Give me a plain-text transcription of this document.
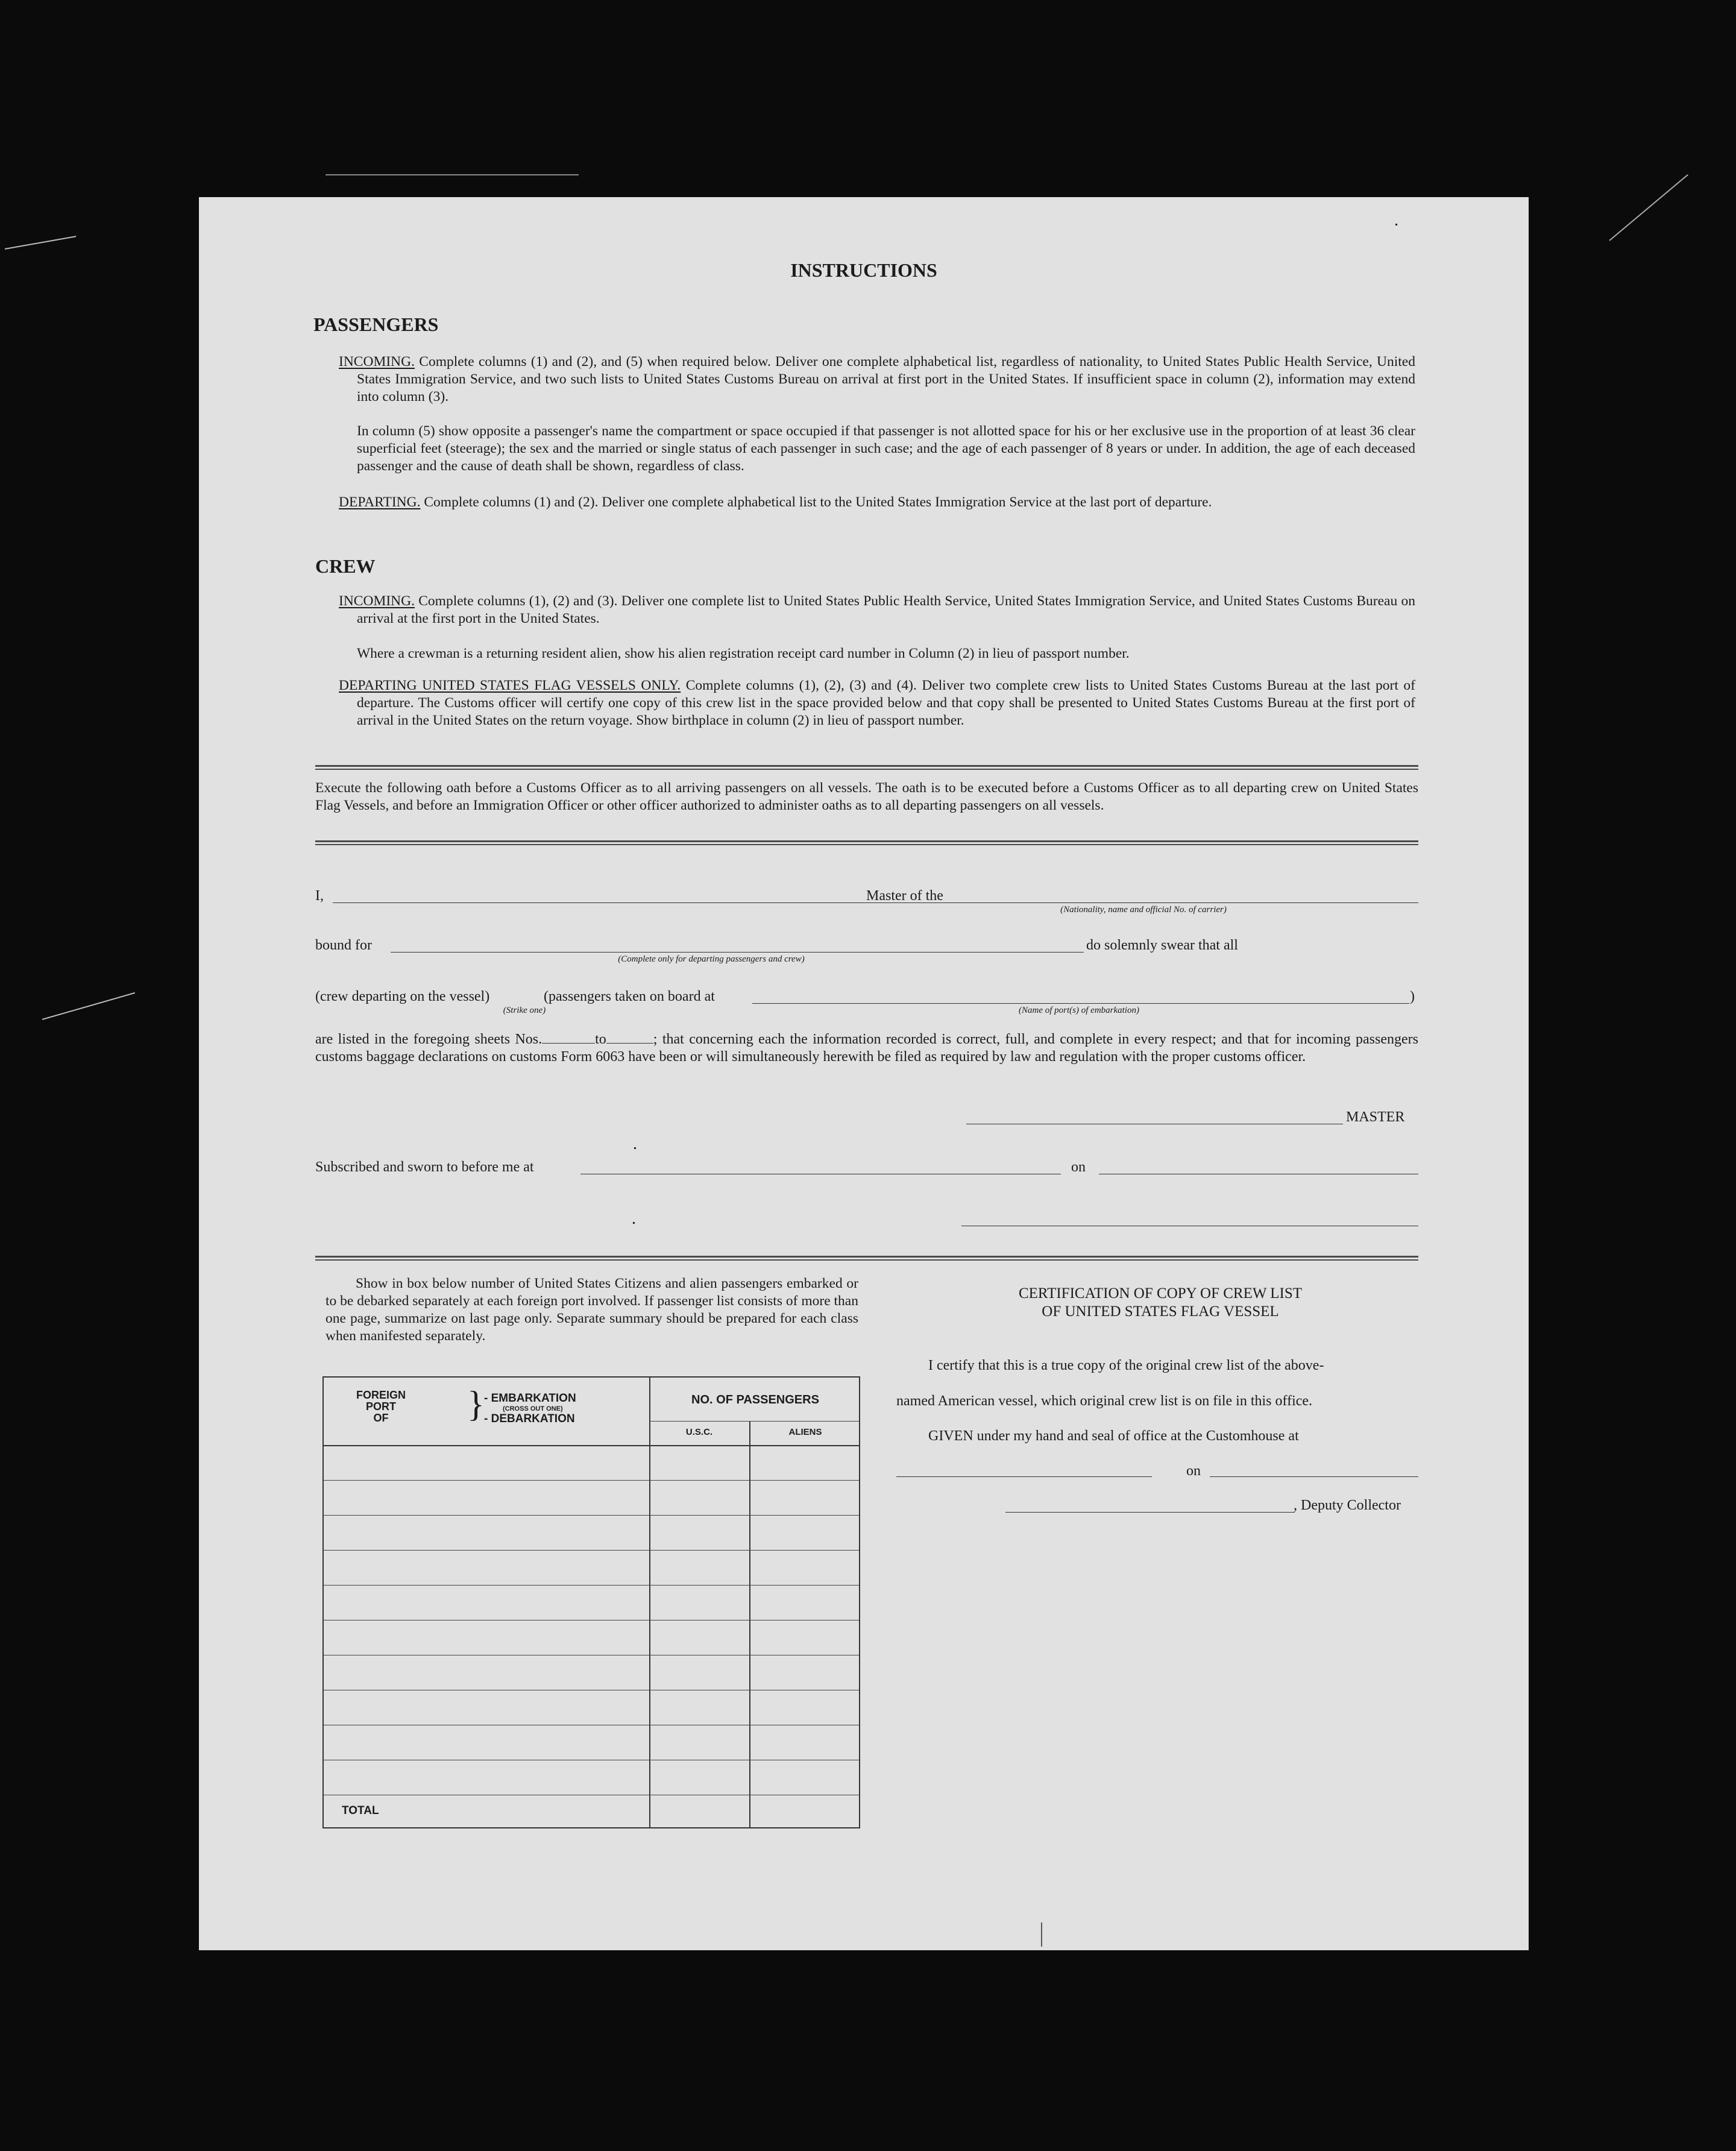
INSTRUCTIONS
PASSENGERS
INCOMING. Complete columns (1) and (2), and (5) when required below. Deliver one complete alphabetical list, regardless of nationality, to United States Public Health Service, United States Immigration Service, and two such lists to United States Customs Bureau on arrival at first port in the United States. If insufficient space in column (2), information may extend into column (3).
In column (5) show opposite a passenger's name the compartment or space occupied if that passenger is not allotted space for his or her exclusive use in the proportion of at least 36 clear superficial feet (steerage); the sex and the married or single status of each passenger in such case; and the age of each passenger of 8 years or under. In addition, the age of each deceased passenger and the cause of death shall be shown, regardless of class.
DEPARTING. Complete columns (1) and (2). Deliver one complete alphabetical list to the United States Immigration Service at the last port of departure.
CREW
INCOMING. Complete columns (1), (2) and (3). Deliver one complete list to United States Public Health Service, United States Immigration Service, and United States Customs Bureau on arrival at the first port in the United States.
Where a crewman is a returning resident alien, show his alien registration receipt card number in Column (2) in lieu of passport number.
DEPARTING UNITED STATES FLAG VESSELS ONLY. Complete columns (1), (2), (3) and (4). Deliver two complete crew lists to United States Customs Bureau at the last port of departure. The Customs officer will certify one copy of this crew list in the space provided below and that copy shall be presented to United States Customs Bureau at the first port of arrival in the United States on the return voyage. Show birthplace in column (2) in lieu of passport number.
Execute the following oath before a Customs Officer as to all arriving passengers on all vessels. The oath is to be executed before a Customs Officer as to all departing crew on United States Flag Vessels, and before an Immigration Officer or other officer authorized to administer oaths as to all departing passengers on all vessels.
I,	Master of the
(Nationality, name and official No. of carrier)
bound for
(Complete only for departing passengers and crew)
do solemnly swear that all
(crew departing on the vessel)	(passengers taken on board at
(Strike one)	(Name of port(s) of embarkation)
)
are listed in the foregoing sheets Nos.	to	; that concerning each the information recorded is correct, full, and complete in every respect; and that for incoming passengers customs baggage declarations on customs Form 6063 have been or will simultaneously herewith be filed as required by law and regulation with the proper customs officer.
MASTER
Subscribed and sworn to before me at	on
Show in box below number of United States Citizens and alien passengers embarked or to be debarked separately at each foreign port involved. If passenger list consists of more than one page, summarize on last page only. Separate summary should be prepared for each class when manifested separately.
FOREIGN
PORT
OF	} - EMBARKATION
(CROSS OUT ONE)
- DEBARKATION
NO. OF PASSENGERS
U.S.C.	ALIENS
TOTAL
CERTIFICATION OF COPY OF CREW LIST
OF UNITED STATES FLAG VESSEL
I certify that this is a true copy of the original crew list of the above-
named American vessel, which original crew list is on file in this office.
GIVEN under my hand and seal of office at the Customhouse at
on
, Deputy Collector
